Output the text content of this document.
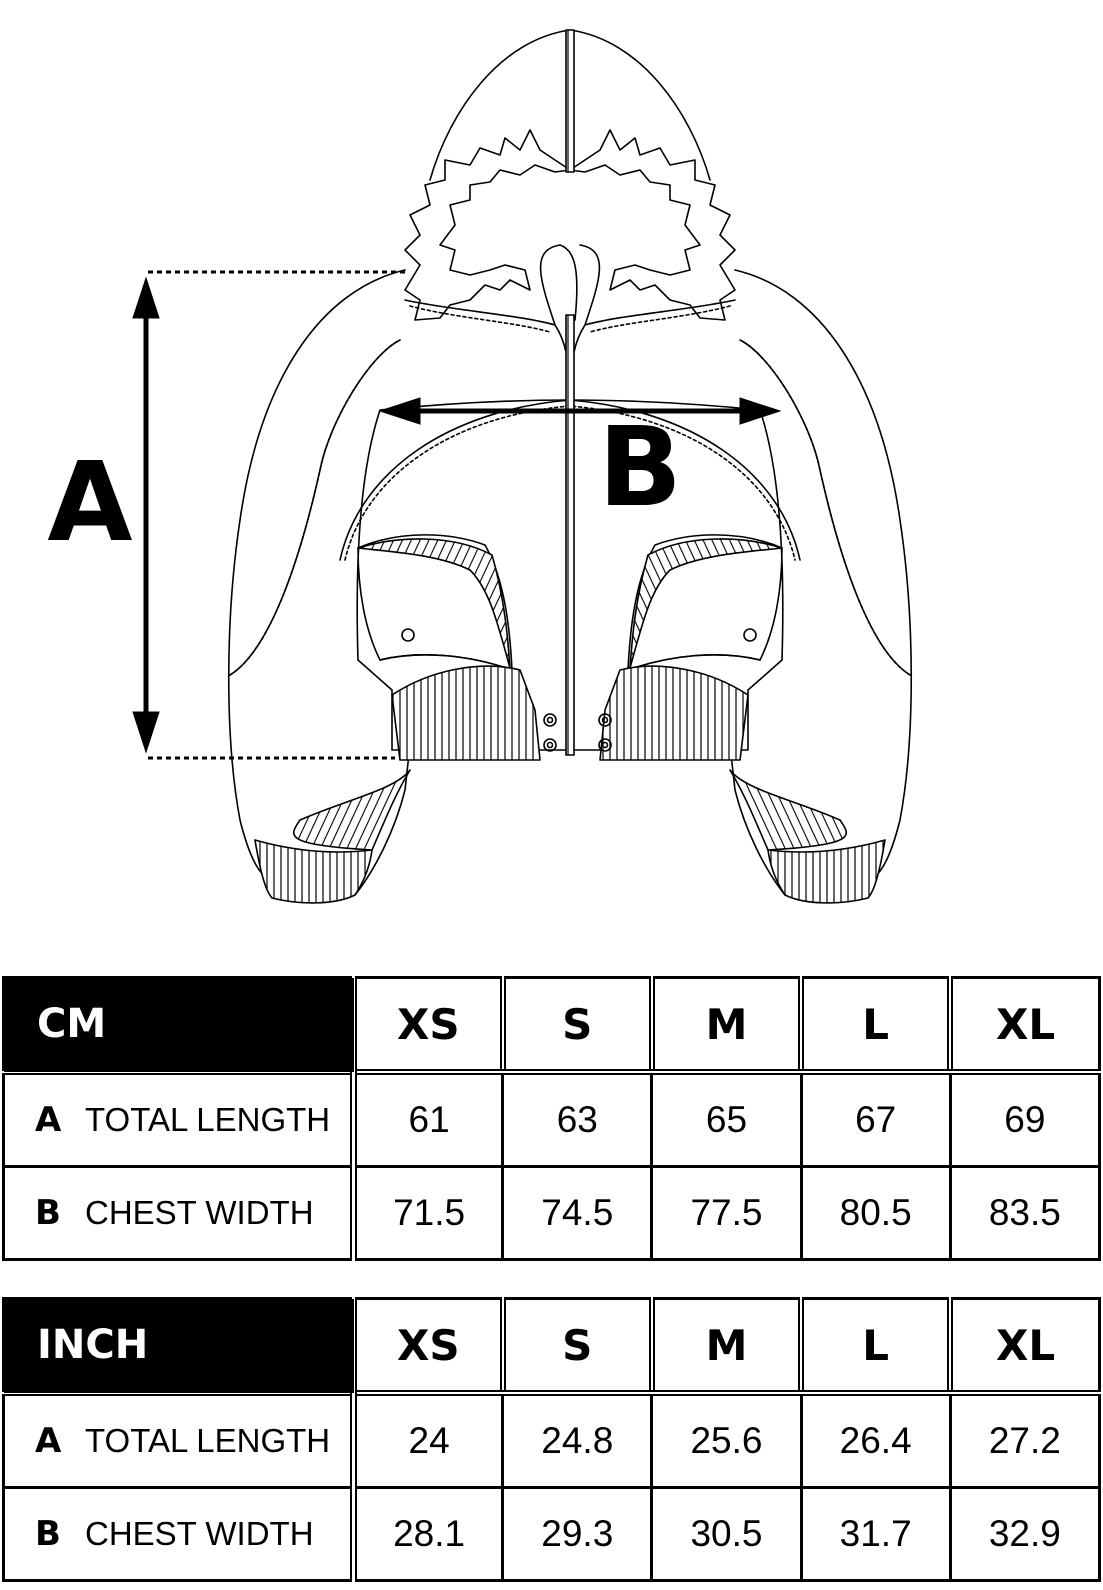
A	B
CM	XS	S	M	L	XL
A TOTAL LENGTH	61	63	65	67	69
B CHEST WIDTH	71.5	74.5	77.5	80.5	83.5
INCH	XS	S	M	L	XL
A TOTAL LENGTH	24	24.8	25.6	26.4	27.2
B CHEST WIDTH	28.1	29.3	30.5	31.7	32.9
